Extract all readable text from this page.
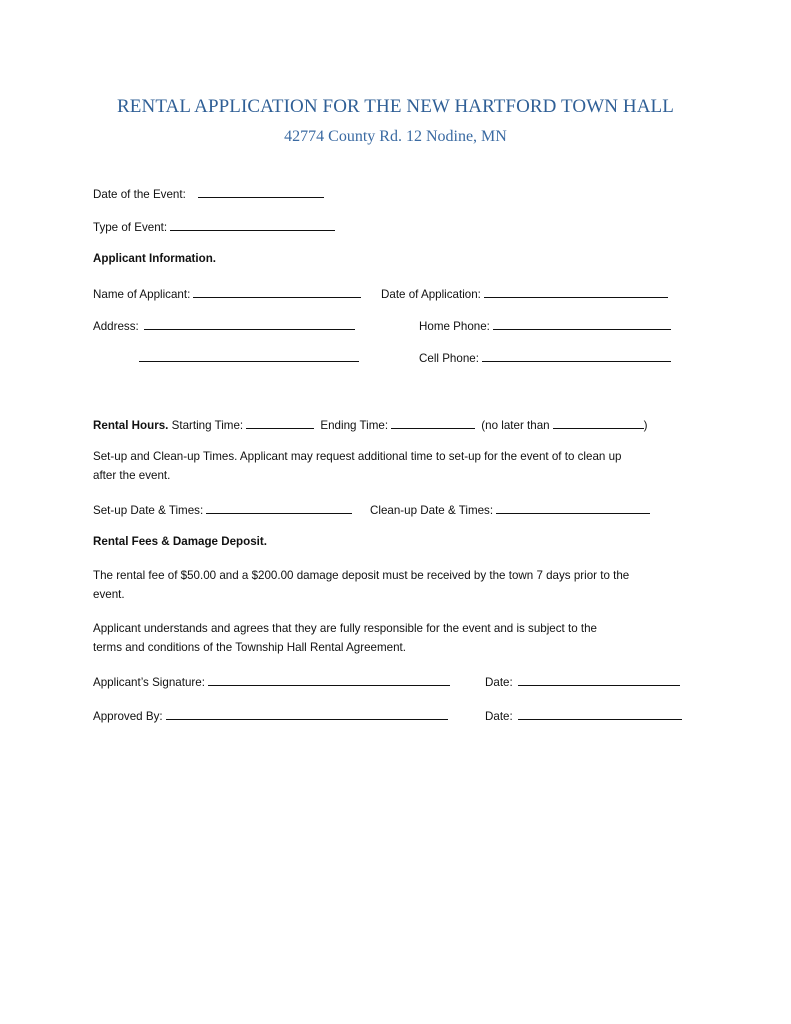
RENTAL APPLICATION FOR THE NEW HARTFORD TOWN HALL
42774 County Rd. 12 Nodine, MN
Date of the Event:
Type of Event:
Applicant Information.
Name of Applicant:	Date of Application:
Address:	Home Phone:
Cell Phone:
Rental Hours. Starting Time:	Ending Time:	(no later than	)
Set-up and Clean-up Times. Applicant may request additional time to set-up for the event of to clean up
after the event.
Set-up Date & Times:	Clean-up Date & Times:
Rental Fees & Damage Deposit.
The rental fee of $50.00 and a $200.00 damage deposit must be received by the town 7 days prior to the
event.
Applicant understands and agrees that they are fully responsible for the event and is subject to the
terms and conditions of the Township Hall Rental Agreement.
Applicant’s Signature:	Date:
Approved By:	Date:
